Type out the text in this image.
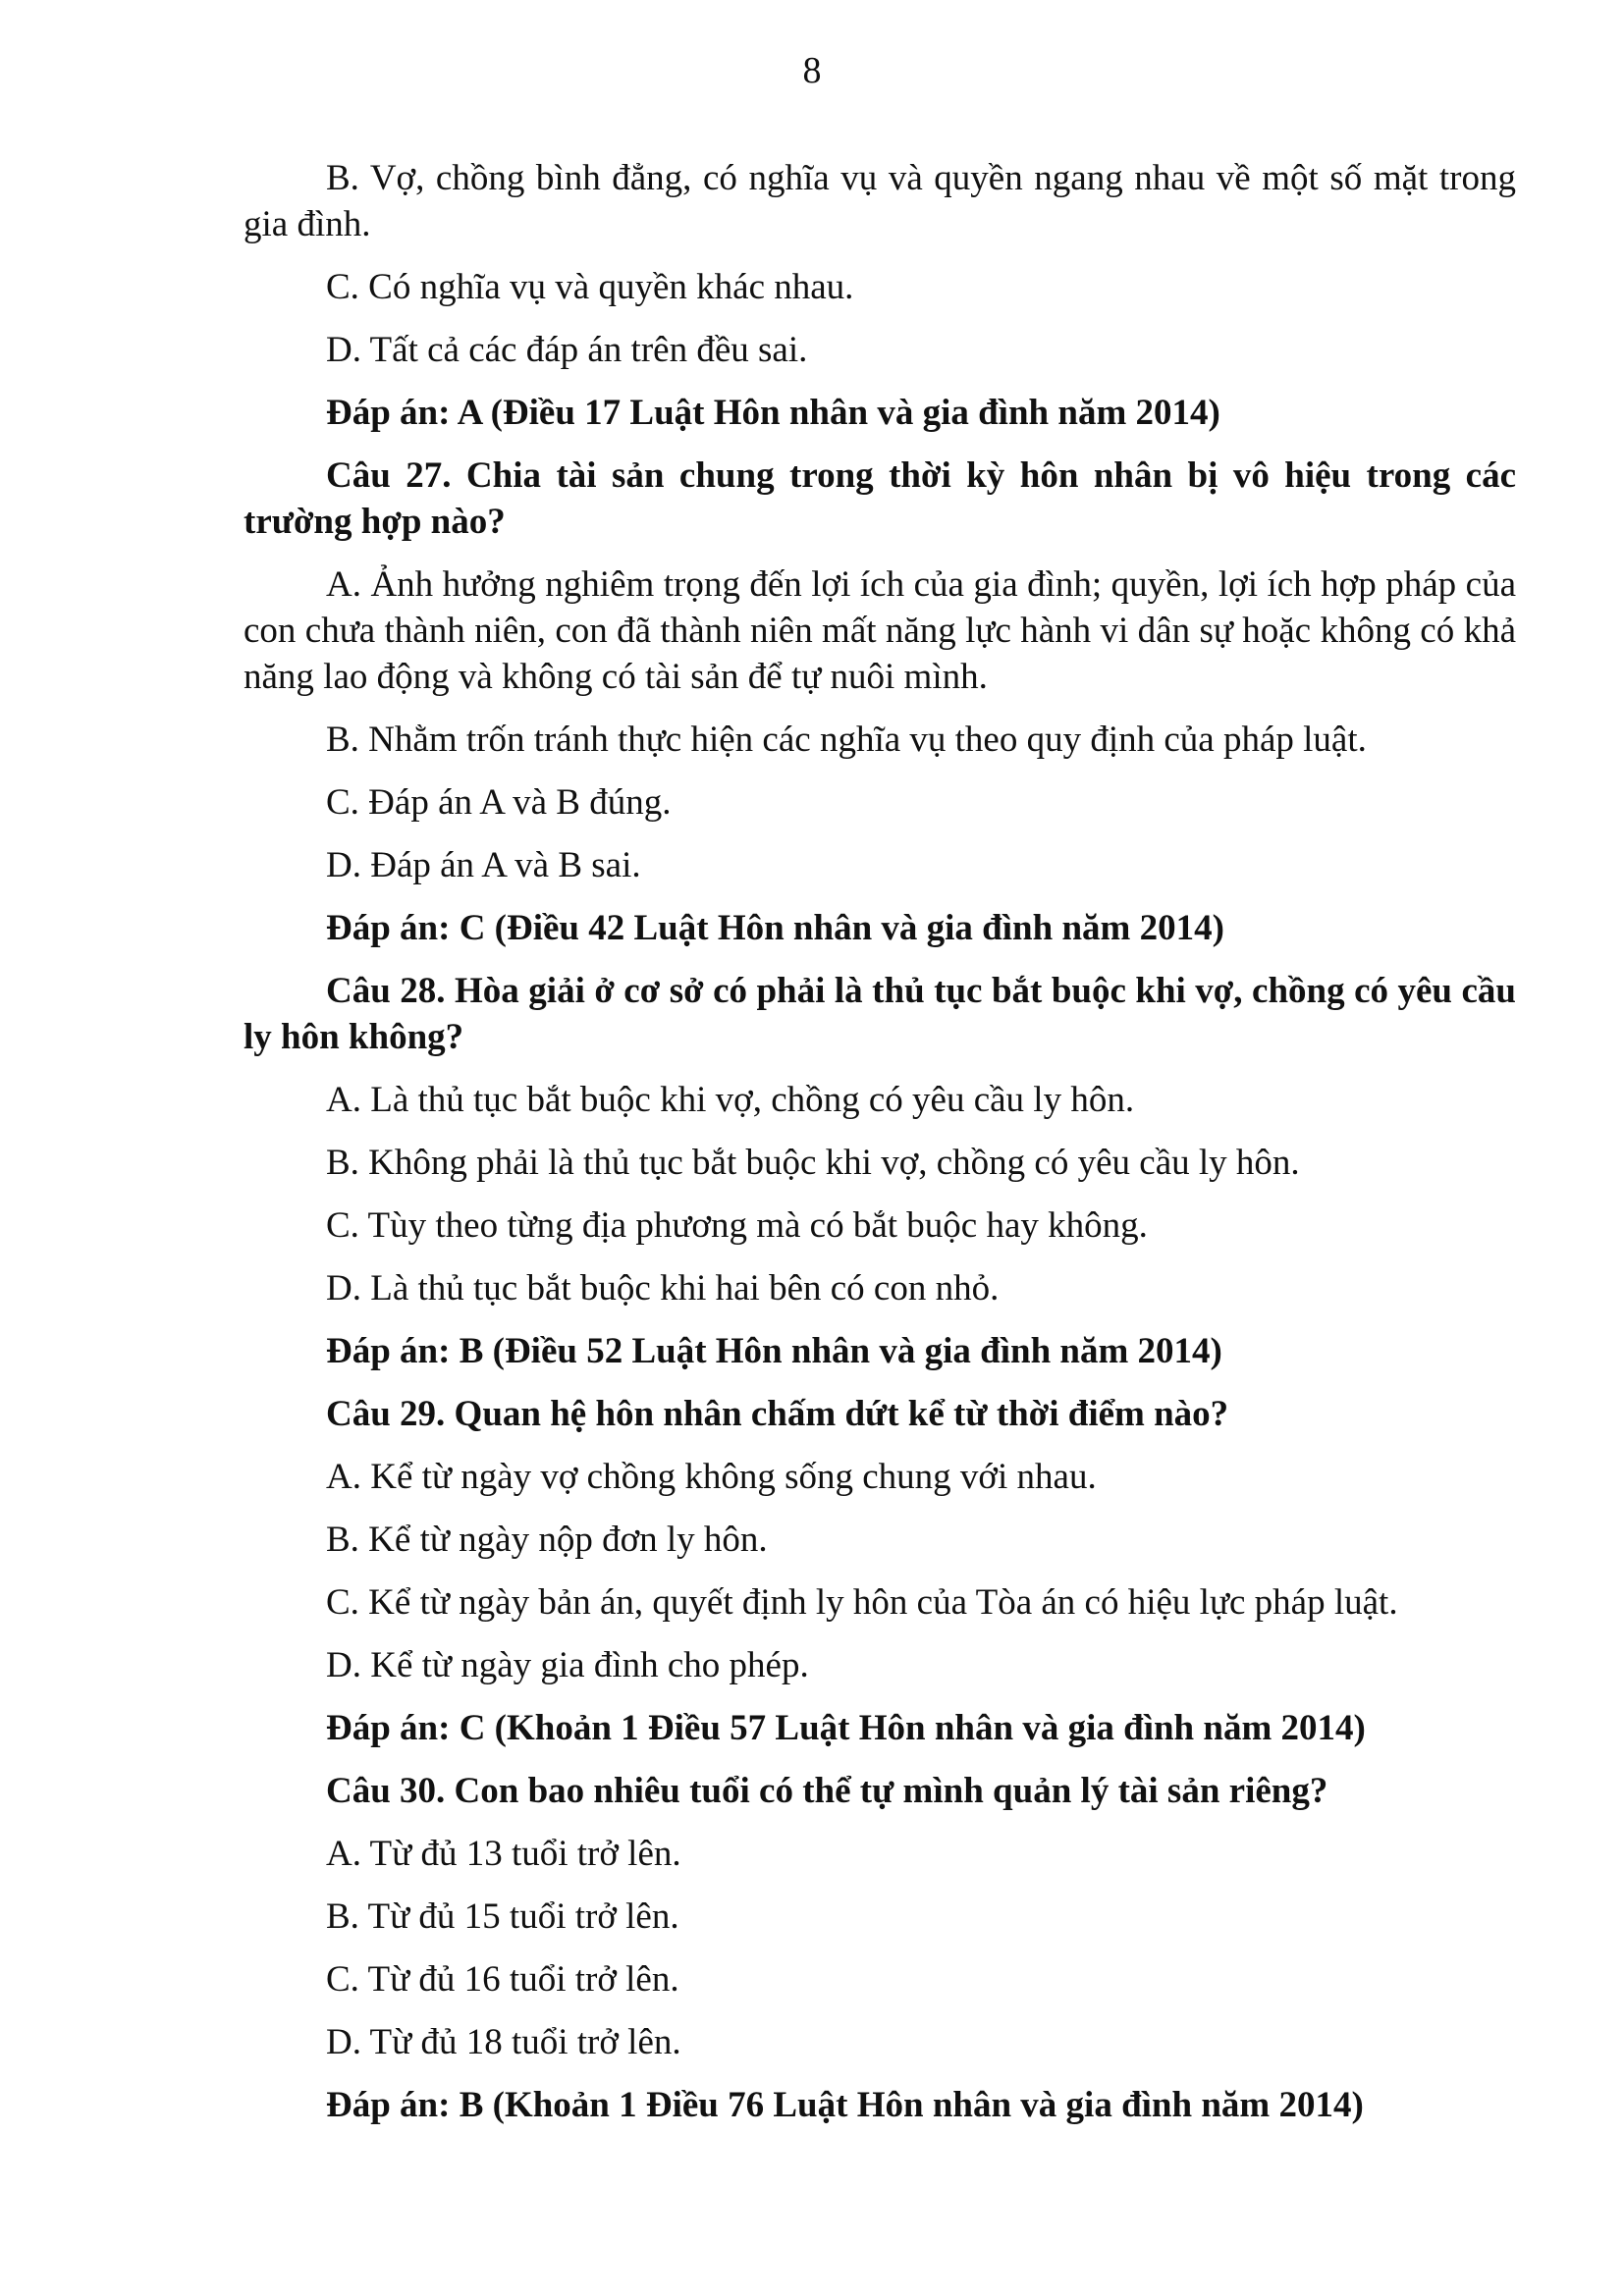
8

B. Vợ, chồng bình đẳng, có nghĩa vụ và quyền ngang nhau về một số mặt trong gia đình.

C. Có nghĩa vụ và quyền khác nhau.

D. Tất cả các đáp án trên đều sai.

Đáp án: A (Điều 17 Luật Hôn nhân và gia đình năm 2014)

Câu 27. Chia tài sản chung trong thời kỳ hôn nhân bị vô hiệu trong các trường hợp nào?

A. Ảnh hưởng nghiêm trọng đến lợi ích của gia đình; quyền, lợi ích hợp pháp của con chưa thành niên, con đã thành niên mất năng lực hành vi dân sự hoặc không có khả năng lao động và không có tài sản để tự nuôi mình.

B. Nhằm trốn tránh thực hiện các nghĩa vụ theo quy định của pháp luật.

C. Đáp án A và B đúng.

D. Đáp án A và B sai.

Đáp án: C (Điều 42 Luật Hôn nhân và gia đình năm 2014)

Câu 28. Hòa giải ở cơ sở có phải là thủ tục bắt buộc khi vợ, chồng có yêu cầu ly hôn không?

A. Là thủ tục bắt buộc khi vợ, chồng có yêu cầu ly hôn.

B. Không phải là thủ tục bắt buộc khi vợ, chồng có yêu cầu ly hôn.

C. Tùy theo từng địa phương mà có bắt buộc hay không.

D. Là thủ tục bắt buộc khi hai bên có con nhỏ.

Đáp án: B (Điều 52 Luật Hôn nhân và gia đình năm 2014)

Câu 29. Quan hệ hôn nhân chấm dứt kể từ thời điểm nào?

A. Kể từ ngày vợ chồng không sống chung với nhau.

B. Kể từ ngày nộp đơn ly hôn.

C. Kể từ ngày bản án, quyết định ly hôn của Tòa án có hiệu lực pháp luật.

D. Kể từ ngày gia đình cho phép.

Đáp án: C (Khoản 1 Điều 57 Luật Hôn nhân và gia đình năm 2014)

Câu 30. Con bao nhiêu tuổi có thể tự mình quản lý tài sản riêng?

A. Từ đủ 13 tuổi trở lên.

B. Từ đủ 15 tuổi trở lên.

C. Từ đủ 16 tuổi trở lên.

D. Từ đủ 18 tuổi trở lên.

Đáp án: B (Khoản 1 Điều 76 Luật Hôn nhân và gia đình năm 2014)
